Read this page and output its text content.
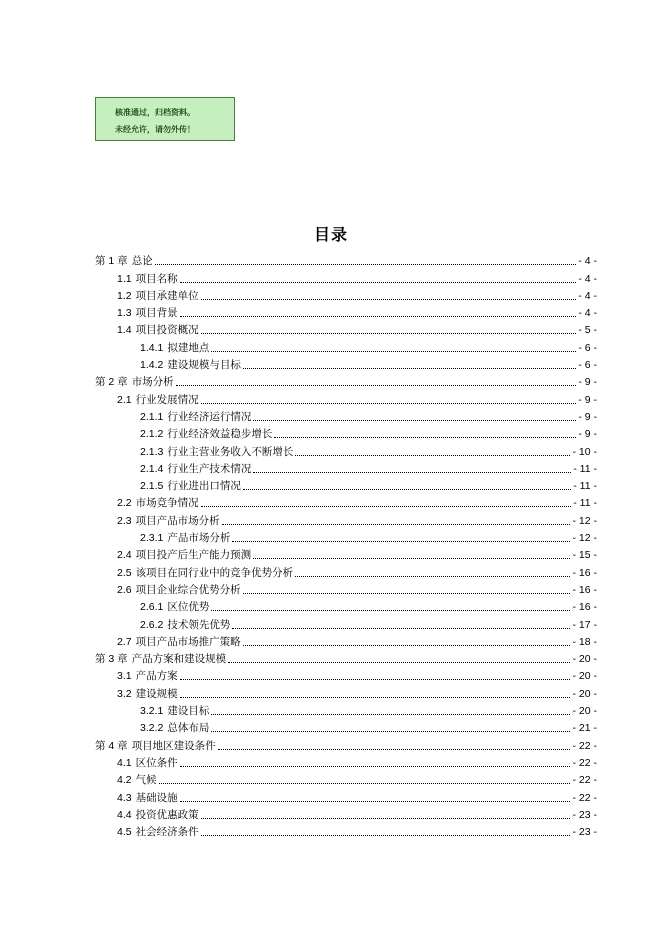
核准通过，归档资料。
未经允许，请勿外传！
目录
第 1 章 总论	- 4 -
1.1 项目名称	- 4 -
1.2 项目承建单位	- 4 -
1.3 项目背景	- 4 -
1.4 项目投资概况	- 5 -
1.4.1 拟建地点	- 6 -
1.4.2 建设规模与目标	- 6 -
第 2 章 市场分析	- 9 -
2.1 行业发展情况	- 9 -
2.1.1 行业经济运行情况	- 9 -
2.1.2 行业经济效益稳步增长	- 9 -
2.1.3 行业主营业务收入不断增长	- 10 -
2.1.4 行业生产技术情况	- 11 -
2.1.5 行业进出口情况	- 11 -
2.2 市场竞争情况	- 11 -
2.3 项目产品市场分析	- 12 -
2.3.1 产品市场分析	- 12 -
2.4 项目投产后生产能力预测	- 15 -
2.5 该项目在同行业中的竞争优势分析	- 16 -
2.6 项目企业综合优势分析	- 16 -
2.6.1 区位优势	- 16 -
2.6.2 技术领先优势	- 17 -
2.7 项目产品市场推广策略	- 18 -
第 3 章 产品方案和建设规模	- 20 -
3.1 产品方案	- 20 -
3.2 建设规模	- 20 -
3.2.1 建设目标	- 20 -
3.2.2 总体布局	- 21 -
第 4 章 项目地区建设条件	- 22 -
4.1 区位条件	- 22 -
4.2 气候	- 22 -
4.3 基础设施	- 22 -
4.4 投资优惠政策	- 23 -
4.5 社会经济条件	- 23 -
